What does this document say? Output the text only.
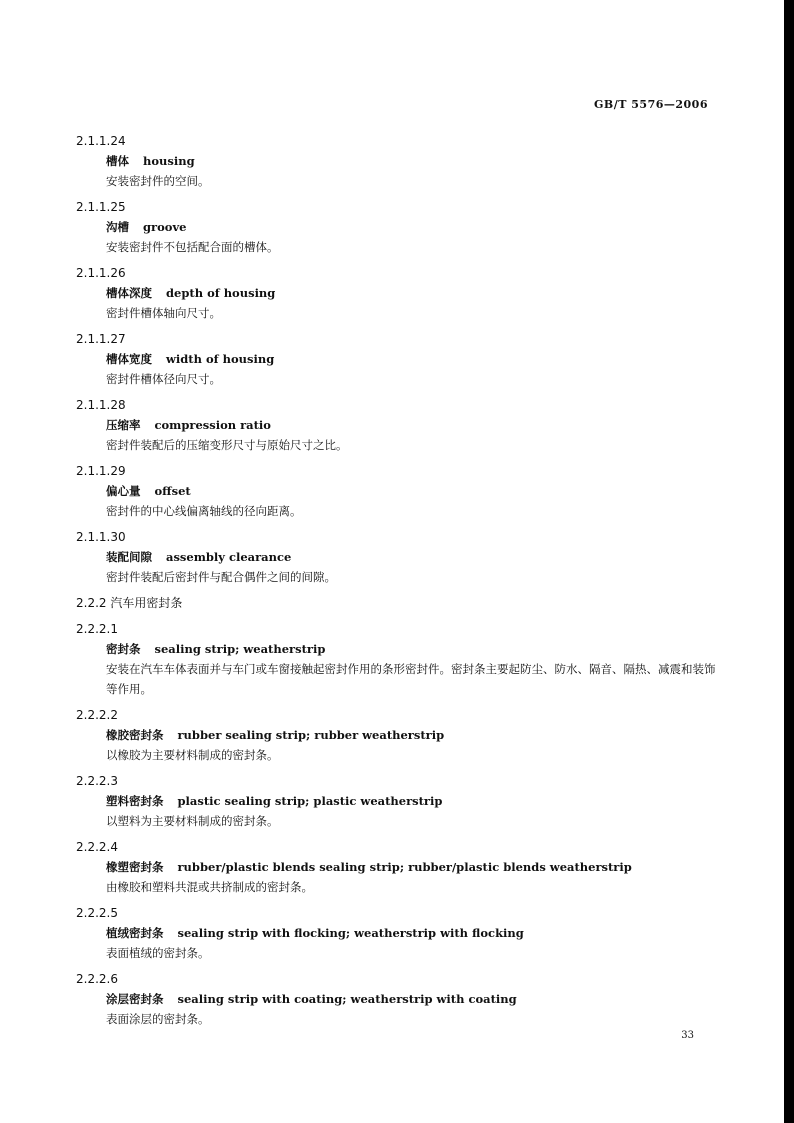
GB/T 5576—2006
2.1.1.24
槽体 housing
安装密封件的空间。
2.1.1.25
沟槽 groove
安装密封件不包括配合面的槽体。
2.1.1.26
槽体深度 depth of housing
密封件槽体轴向尺寸。
2.1.1.27
槽体宽度 width of housing
密封件槽体径向尺寸。
2.1.1.28
压缩率 compression ratio
密封件装配后的压缩变形尺寸与原始尺寸之比。
2.1.1.29
偏心量 offset
密封件的中心线偏离轴线的径向距离。
2.1.1.30
装配间隙 assembly clearance
密封件装配后密封件与配合偶件之间的间隙。
2.2.2 汽车用密封条
2.2.2.1
密封条 sealing strip; weatherstrip
安装在汽车车体表面并与车门或车窗接触起密封作用的条形密封件。密封条主要起防尘、防水、隔音、隔热、减震和装饰等作用。
2.2.2.2
橡胶密封条 rubber sealing strip; rubber weatherstrip
以橡胶为主要材料制成的密封条。
2.2.2.3
塑料密封条 plastic sealing strip; plastic weatherstrip
以塑料为主要材料制成的密封条。
2.2.2.4
橡塑密封条 rubber/plastic blends sealing strip; rubber/plastic blends weatherstrip
由橡胶和塑料共混或共挤制成的密封条。
2.2.2.5
植绒密封条 sealing strip with flocking; weatherstrip with flocking
表面植绒的密封条。
2.2.2.6
涂层密封条 sealing strip with coating; weatherstrip with coating
表面涂层的密封条。
33
